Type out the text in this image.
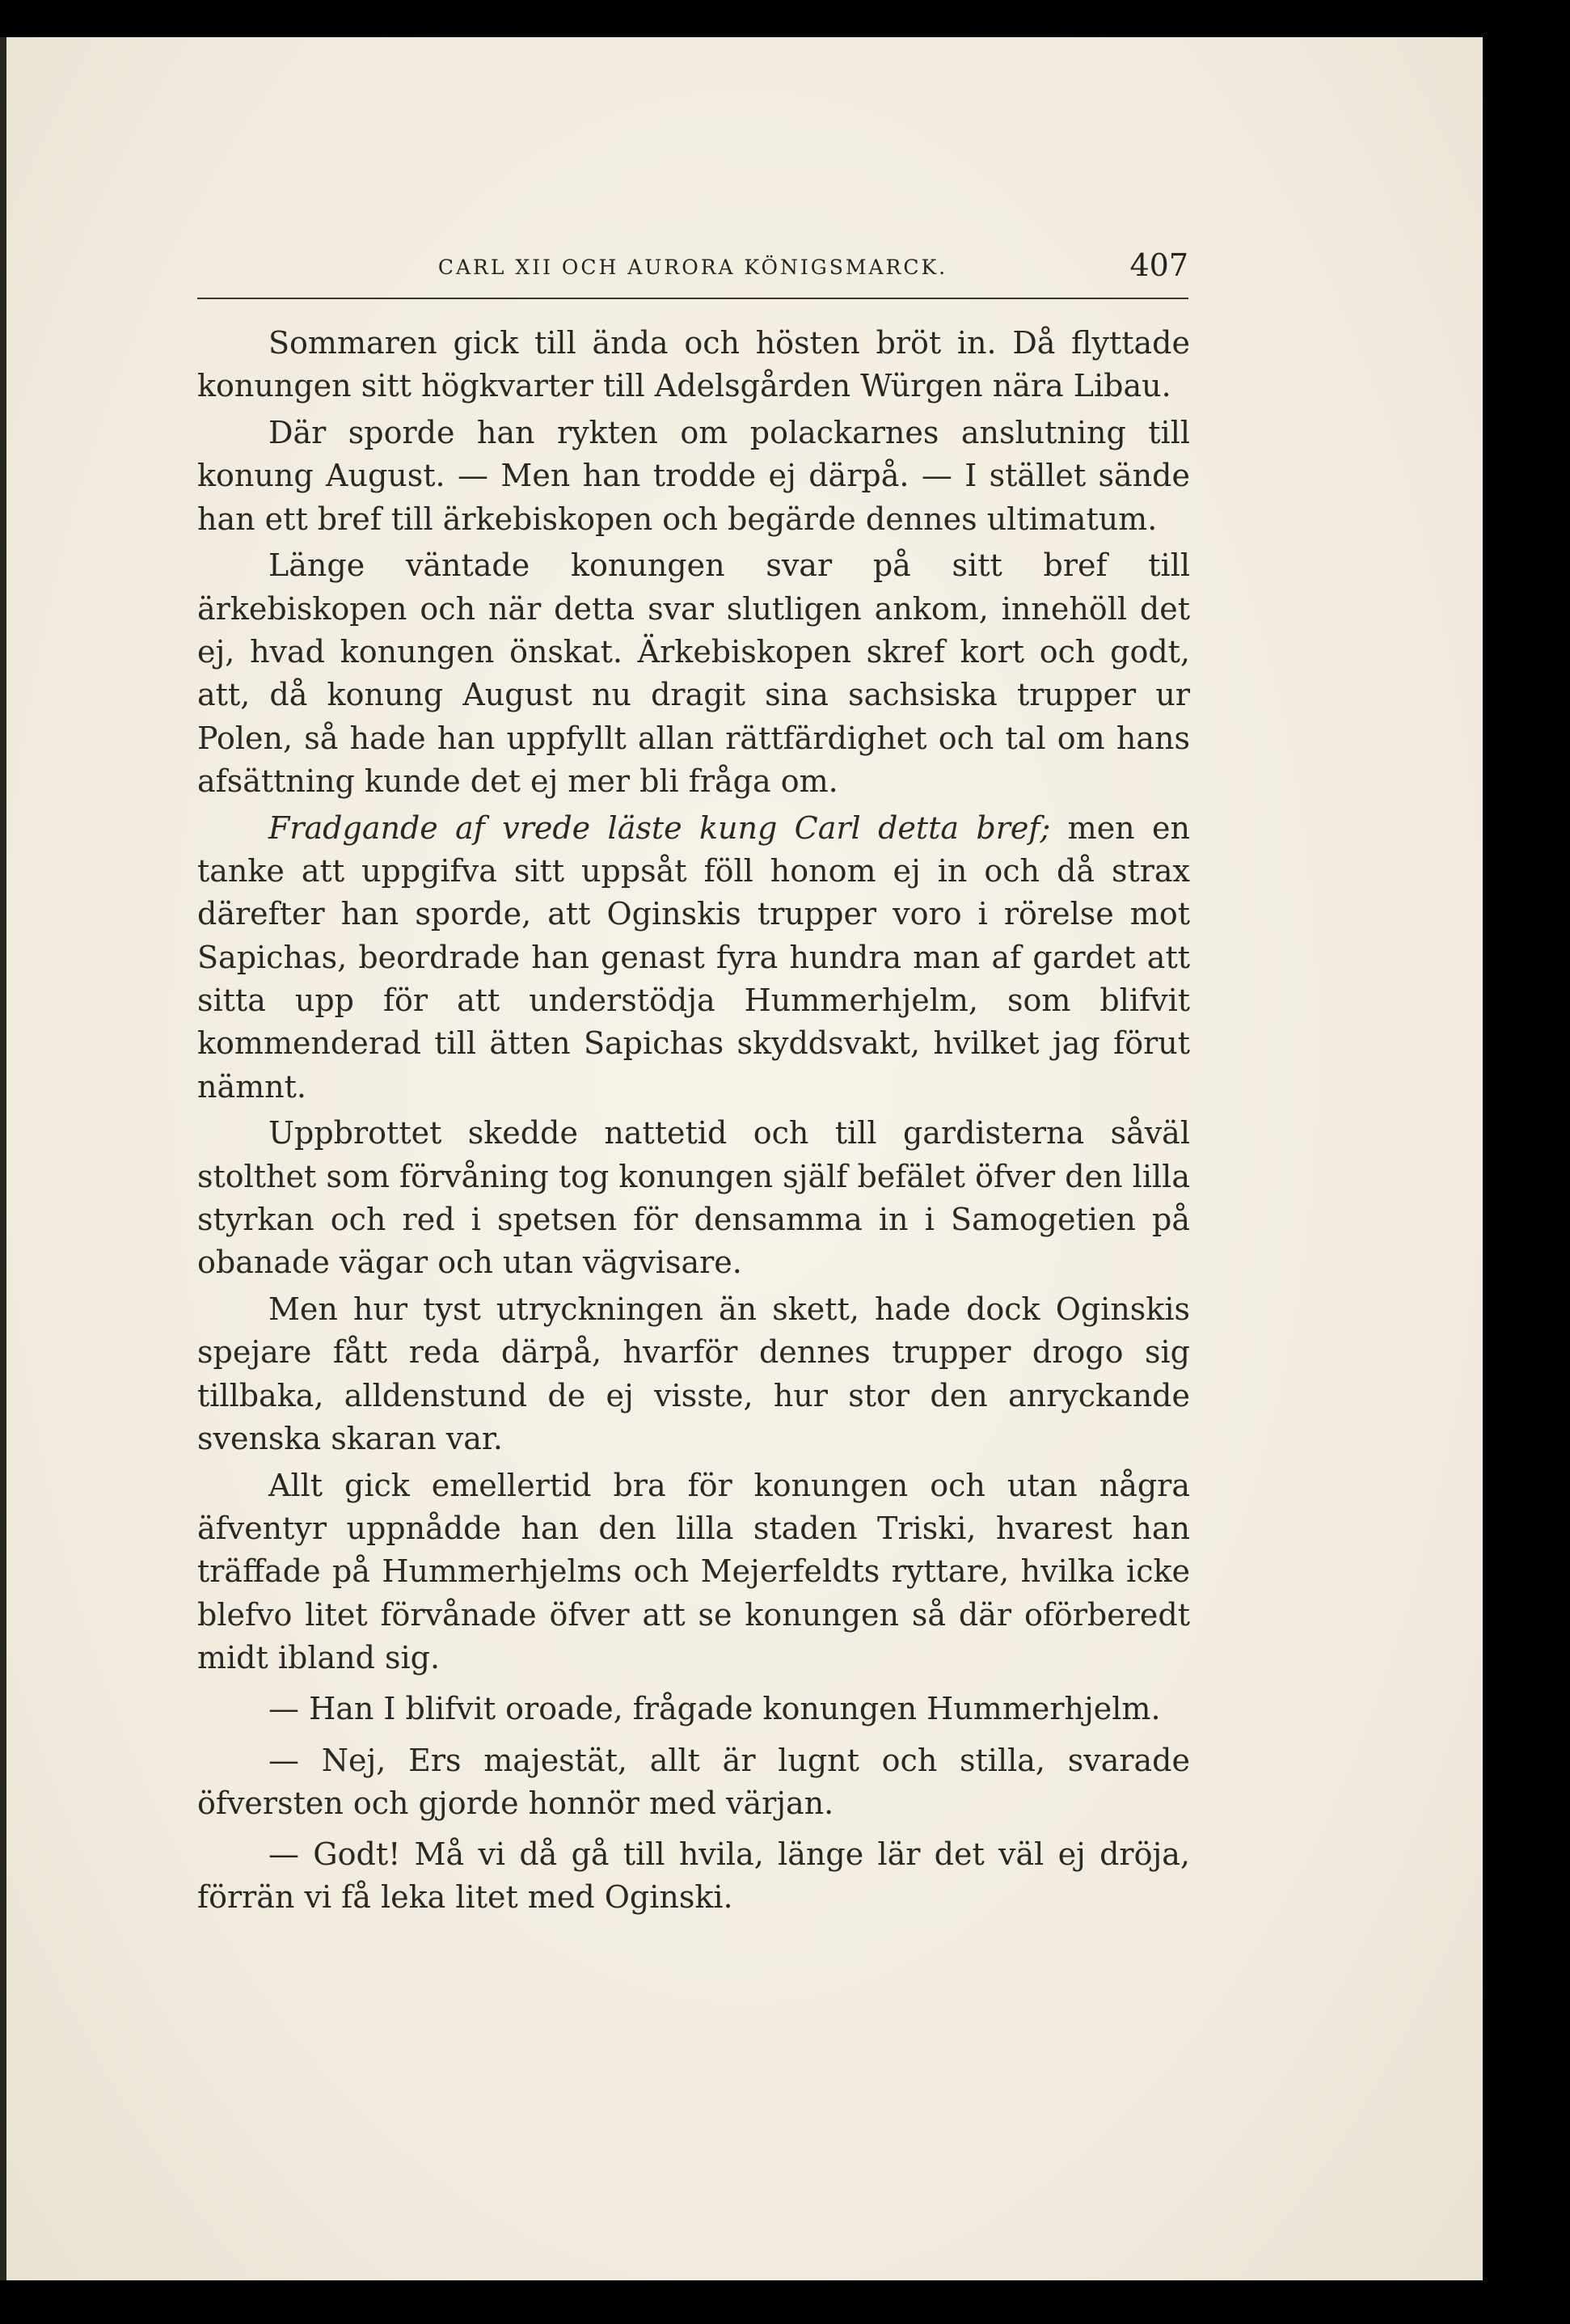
CARL XII OCH AURORA KÖNIGSMARCK.	407

Sommaren gick till ända och hösten bröt in. Då flyttade konungen sitt högkvarter till Adelsgården Würgen nära Libau.

Där sporde han rykten om polackarnes anslutning till konung August. — Men han trodde ej därpå. — I stället sände han ett bref till ärkebiskopen och begärde dennes ultimatum.

Länge väntade konungen svar på sitt bref till ärkebiskopen och när detta svar slutligen ankom, innehöll det ej, hvad konungen önskat. Ärkebiskopen skref kort och godt, att, då konung August nu dragit sina sachsiska trupper ur Polen, så hade han uppfyllt allan rättfärdighet och tal om hans afsättning kunde det ej mer bli fråga om.

Fradgande af vrede läste kung Carl detta bref; men en tanke att uppgifva sitt uppsåt föll honom ej in och då strax därefter han sporde, att Oginskis trupper voro i rörelse mot Sapichas, beordrade han genast fyra hundra man af gardet att sitta upp för att understödja Hummerhjelm, som blifvit kommenderad till ätten Sapichas skyddsvakt, hvilket jag förut nämnt.

Uppbrottet skedde nattetid och till gardisterna såväl stolthet som förvåning tog konungen själf befälet öfver den lilla styrkan och red i spetsen för densamma in i Samogetien på obanade vägar och utan vägvisare.

Men hur tyst utryckningen än skett, hade dock Oginskis spejare fått reda därpå, hvarför dennes trupper drogo sig tillbaka, alldenstund de ej visste, hur stor den anryckande svenska skaran var.

Allt gick emellertid bra för konungen och utan några äfventyr uppnådde han den lilla staden Triski, hvarest han träffade på Hummerhjelms och Mejerfeldts ryttare, hvilka icke blefvo litet förvånade öfver att se konungen så där oförberedt midt ibland sig.

— Han I blifvit oroade, frågade konungen Hummerhjelm.

— Nej, Ers majestät, allt är lugnt och stilla, svarade öfversten och gjorde honnör med värjan.

— Godt! Må vi då gå till hvila, länge lär det väl ej dröja, förrän vi få leka litet med Oginski.
